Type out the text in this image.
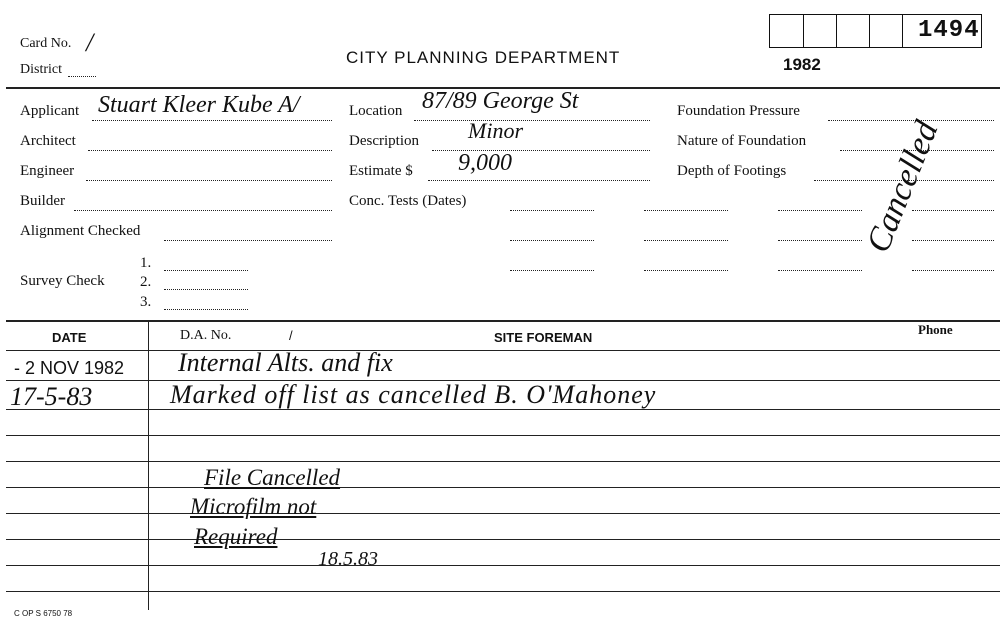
Card No. /
District
CITY PLANNING DEPARTMENT	1982
1494
Applicant Stuart Kleer Kube A/
Architect
Engineer
Builder
Alignment Checked
Survey Check
1.
2.
3.
Location 87/89 George St
Description Minor
Estimate $ 9,000
Conc. Tests (Dates)
Foundation Pressure
Nature of Foundation
Depth of Footings Cancelled
DATE	D.A. No.	/	SITE FOREMAN
Phone
- 2 NOV 1982 Internal Alts. and fix
17-5-83	Marked off list as cancelled B. O'Mahoney
File Cancelled
Microfilm not
Required
18.5.83
C OP S 6750 78
